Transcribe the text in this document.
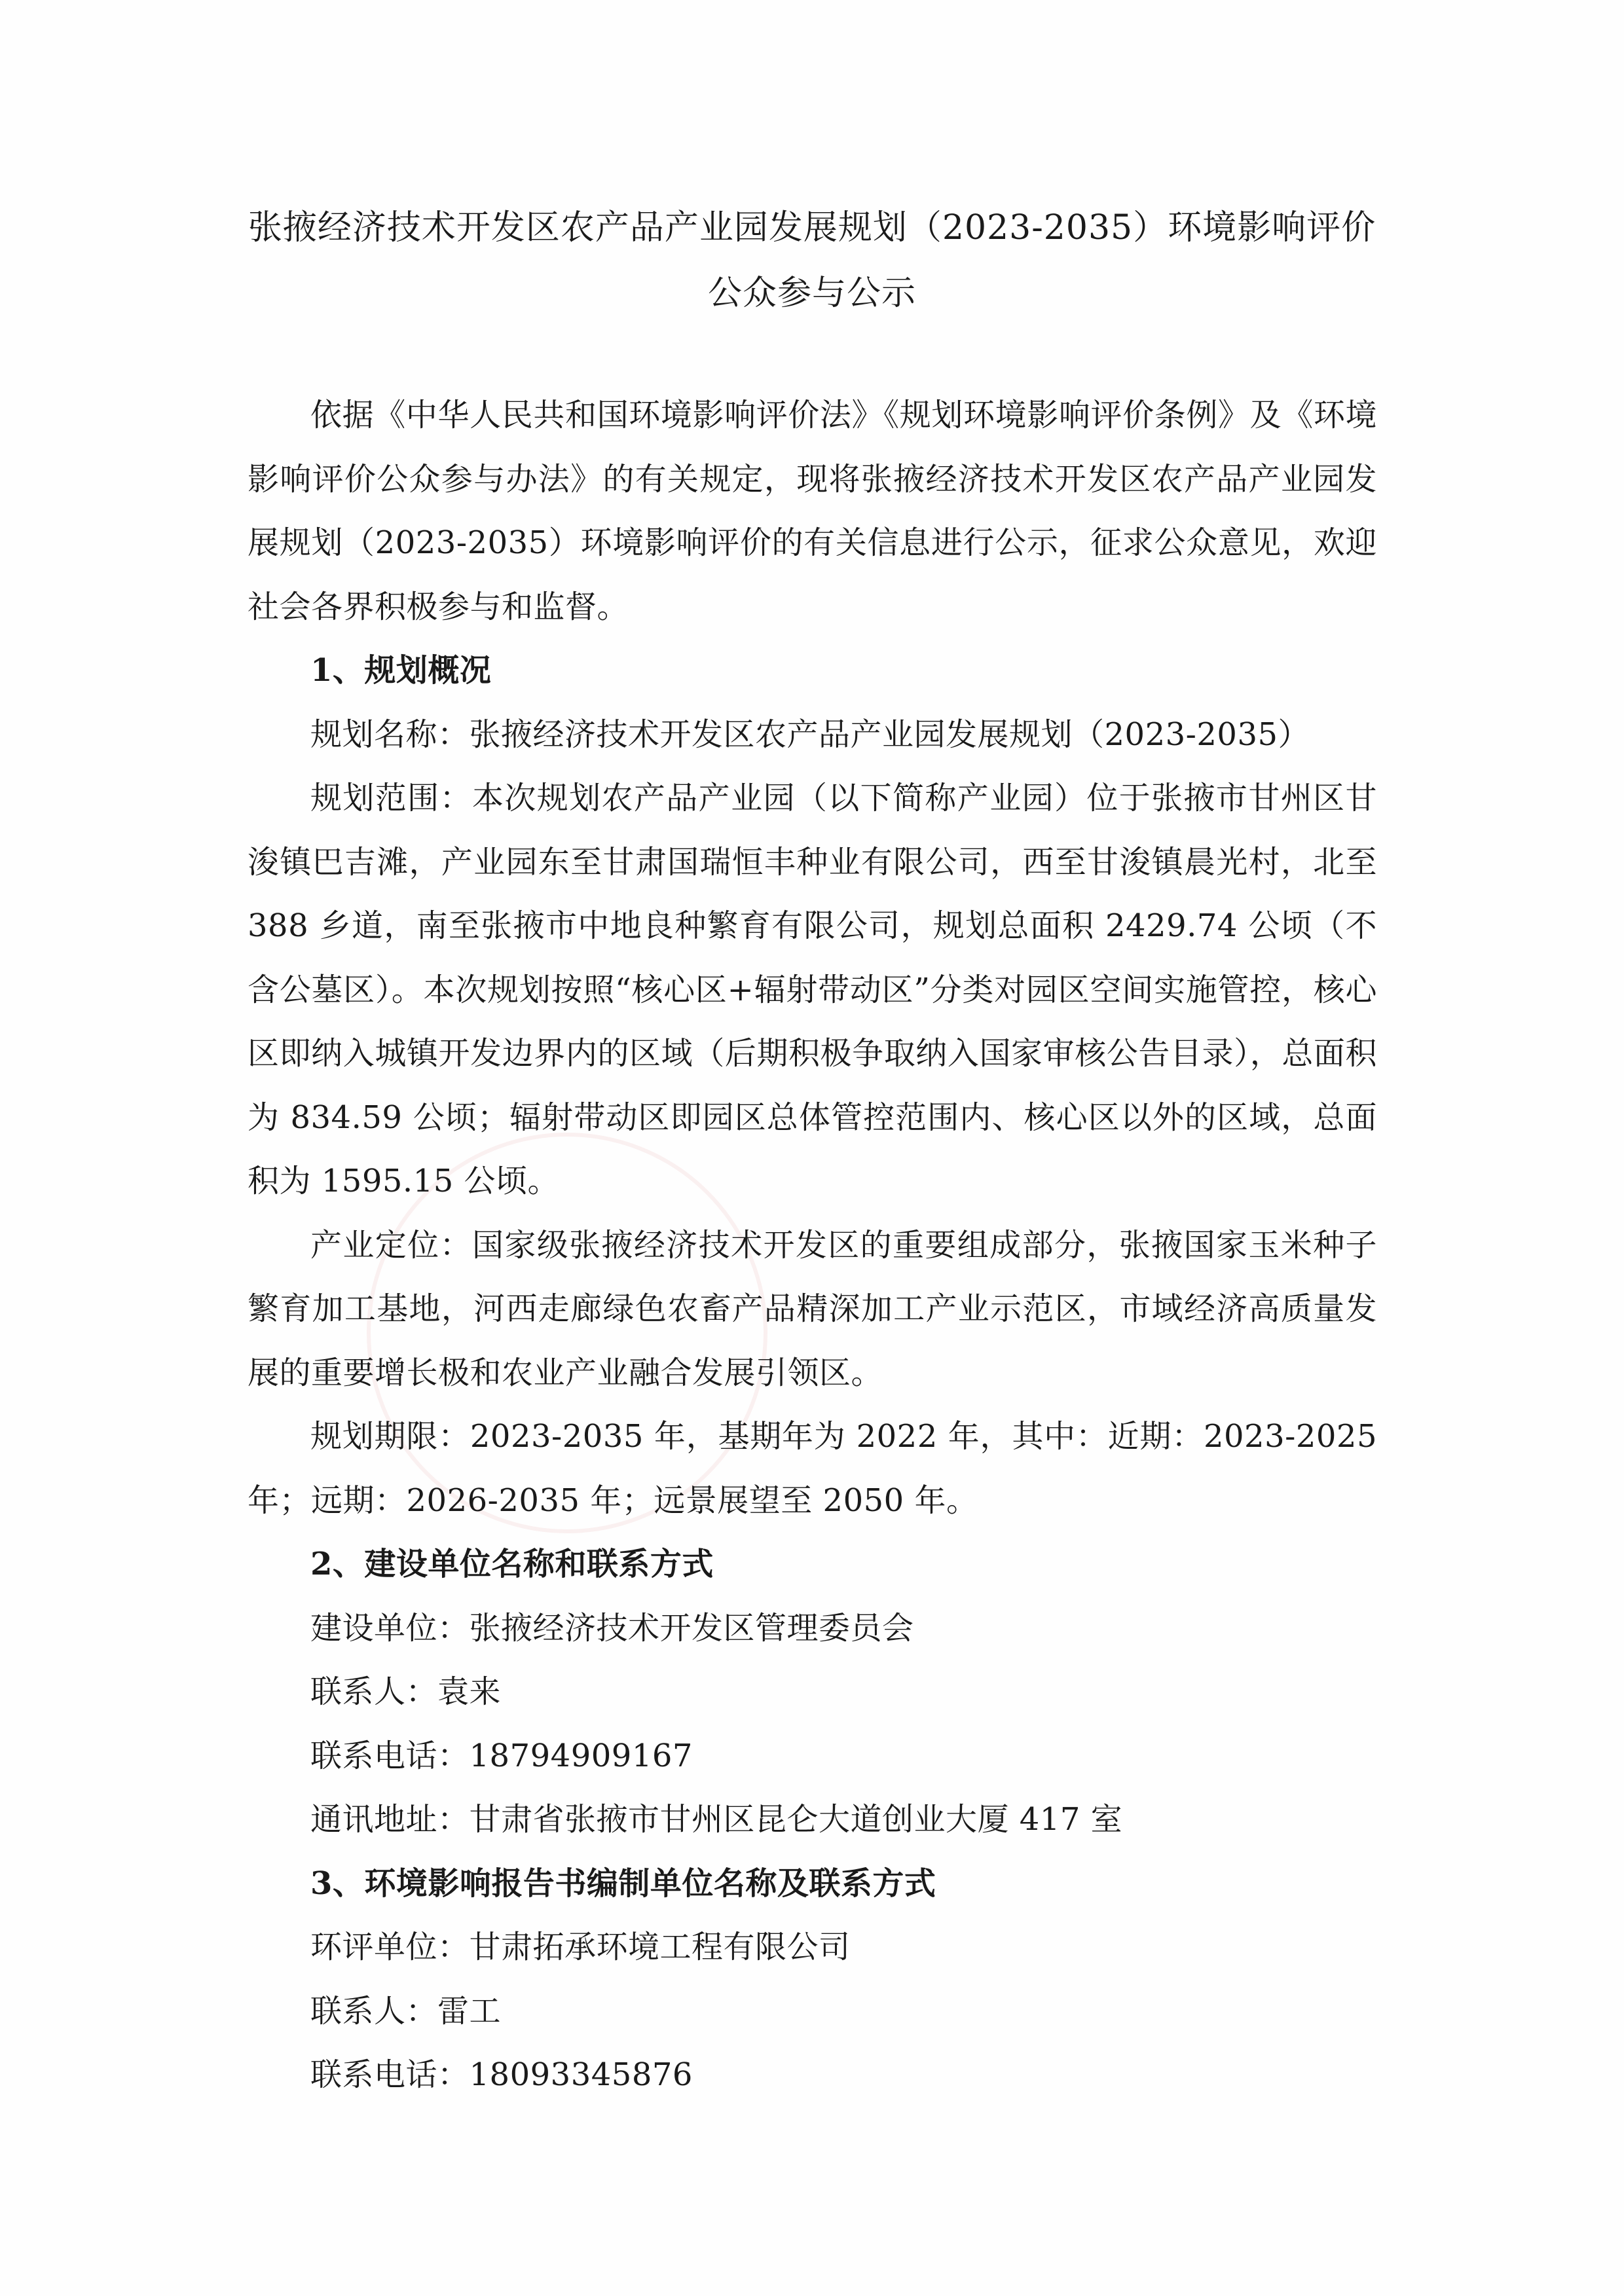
张掖经济技术开发区农产品产业园发展规划（2023-2035）环境影响评价
公众参与公示

依据《中华人民共和国环境影响评价法》《规划环境影响评价条例》及《环境影响评价公众参与办法》的有关规定，现将张掖经济技术开发区农产品产业园发展规划（2023-2035）环境影响评价的有关信息进行公示，征求公众意见，欢迎社会各界积极参与和监督。

1、规划概况

规划名称：张掖经济技术开发区农产品产业园发展规划（2023-2035）

规划范围：本次规划农产品产业园（以下简称产业园）位于张掖市甘州区甘浚镇巴吉滩，产业园东至甘肃国瑞恒丰种业有限公司，西至甘浚镇晨光村，北至388 乡道，南至张掖市中地良种繁育有限公司，规划总面积 2429.74 公顷（不含公墓区）。本次规划按照“核心区+辐射带动区”分类对园区空间实施管控，核心区即纳入城镇开发边界内的区域（后期积极争取纳入国家审核公告目录），总面积为 834.59 公顷；辐射带动区即园区总体管控范围内、核心区以外的区域，总面积为 1595.15 公顷。

产业定位：国家级张掖经济技术开发区的重要组成部分，张掖国家玉米种子繁育加工基地，河西走廊绿色农畜产品精深加工产业示范区，市域经济高质量发展的重要增长极和农业产业融合发展引领区。

规划期限：2023-2035 年，基期年为 2022 年，其中：近期：2023-2025 年；远期：2026-2035 年；远景展望至 2050 年。

2、建设单位名称和联系方式

建设单位：张掖经济技术开发区管理委员会

联系人：袁来

联系电话：18794909167

通讯地址：甘肃省张掖市甘州区昆仑大道创业大厦 417 室

3、环境影响报告书编制单位名称及联系方式

环评单位：甘肃拓承环境工程有限公司

联系人：雷工

联系电话：18093345876
